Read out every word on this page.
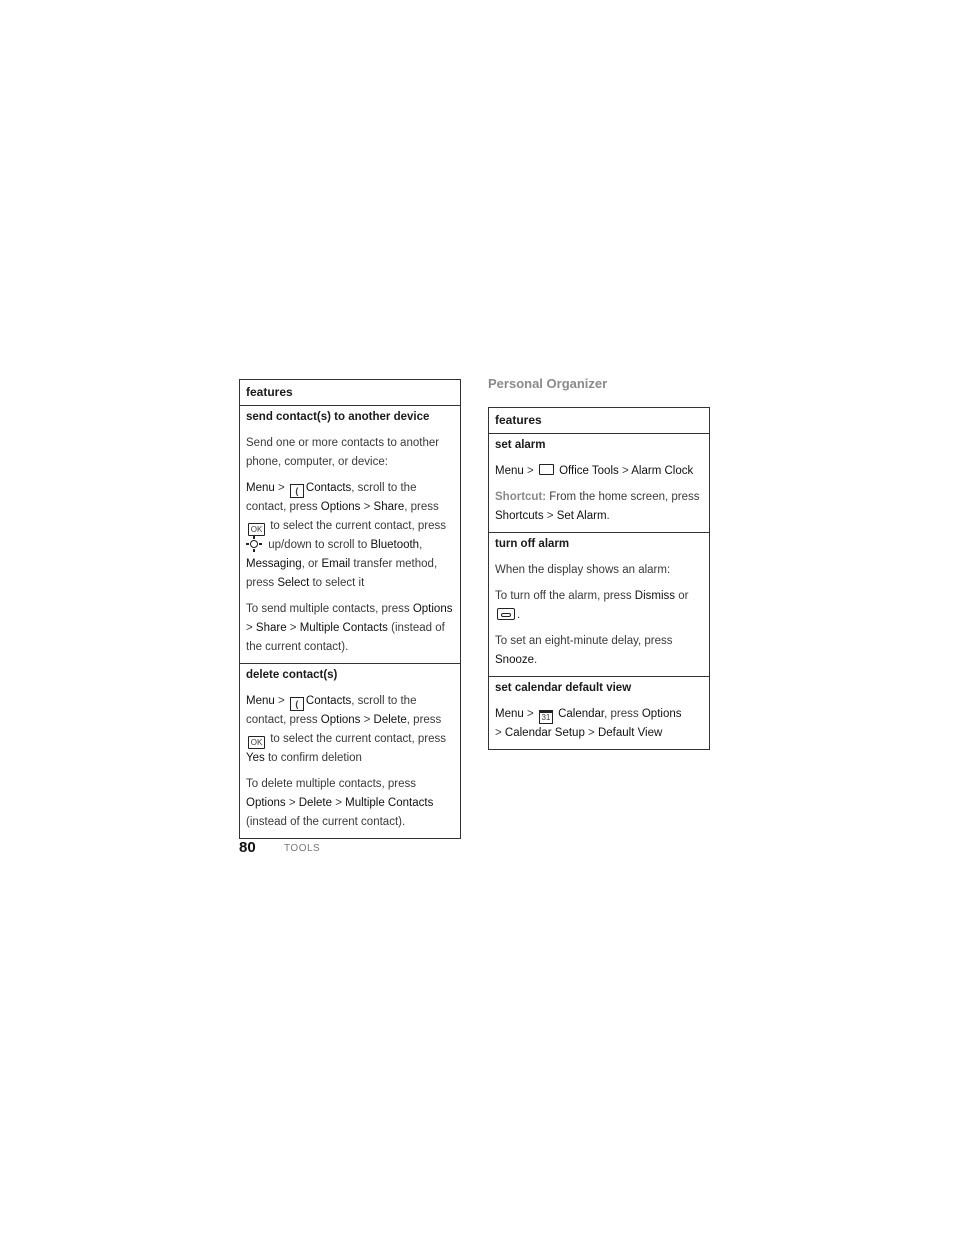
features
send contact(s) to another device
Send one or more contacts to another phone, computer, or device:
Menu > ( Contacts, scroll to the contact, press Options > Share, press
OK to select the current contact, press

up/down to scroll to Bluetooth, Messaging, or Email transfer method, press Select to select it
To send multiple contacts, press Options > Share > Multiple Contacts (instead of the current contact).
delete contact(s)
Menu > ( Contacts, scroll to the contact, press Options > Delete, press
OK to select the current contact, press Yes to confirm deletion
To delete multiple contacts, press Options > Delete > Multiple Contacts (instead of the current contact).
Personal Organizer
features
set alarm
Menu >  Office Tools > Alarm Clock
Shortcut: From the home screen, press Shortcuts > Set Alarm.
turn off alarm
When the display shows an alarm:
To turn off the alarm, press Dismiss or
.
To set an eight-minute delay, press Snooze.
set calendar default view
Menu > 31 Calendar, press Options
> Calendar Setup > Default View
80	TOOLS
